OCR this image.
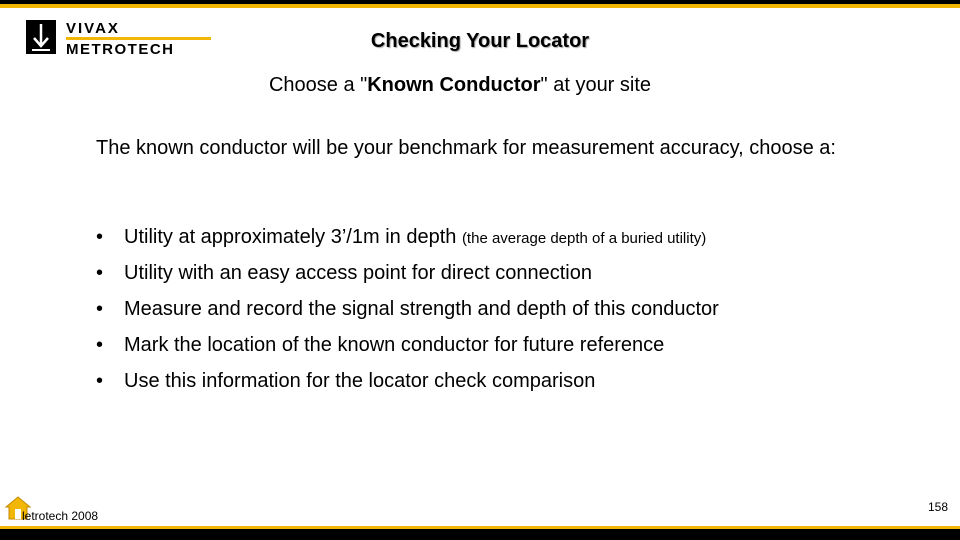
VIVAX
METROTECH	Checking Your Locator
Choose a "Known Conductor" at your site
The known conductor will be your benchmark for measurement accuracy, choose a:
• Utility at approximately 3’/1m in depth (the average depth of a buried utility)
• Utility with an easy access point for direct connection
• Measure and record the signal strength and depth of this conductor
• Mark the location of the known conductor for future reference
• Use this information for the locator check comparison
letrotech 2008
158
